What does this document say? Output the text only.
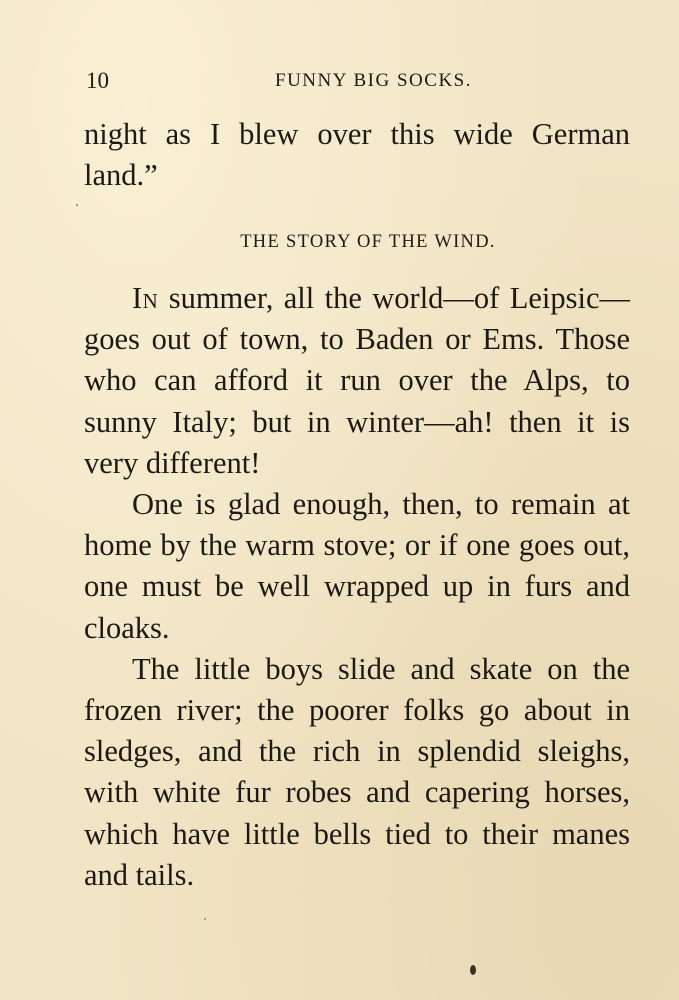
10	FUNNY BIG SOCKS.

night as I blew over this wide German land.”

THE STORY OF THE WIND.

In summer, all the world—of Leipsic—goes out of town, to Baden or Ems. Those who can afford it run over the Alps, to sunny Italy; but in winter—ah! then it is very different!

One is glad enough, then, to remain at home by the warm stove; or if one goes out, one must be well wrapped up in furs and cloaks.

The little boys slide and skate on the frozen river; the poorer folks go about in sledges, and the rich in splendid sleighs, with white fur robes and capering horses, which have little bells tied to their manes and tails.
